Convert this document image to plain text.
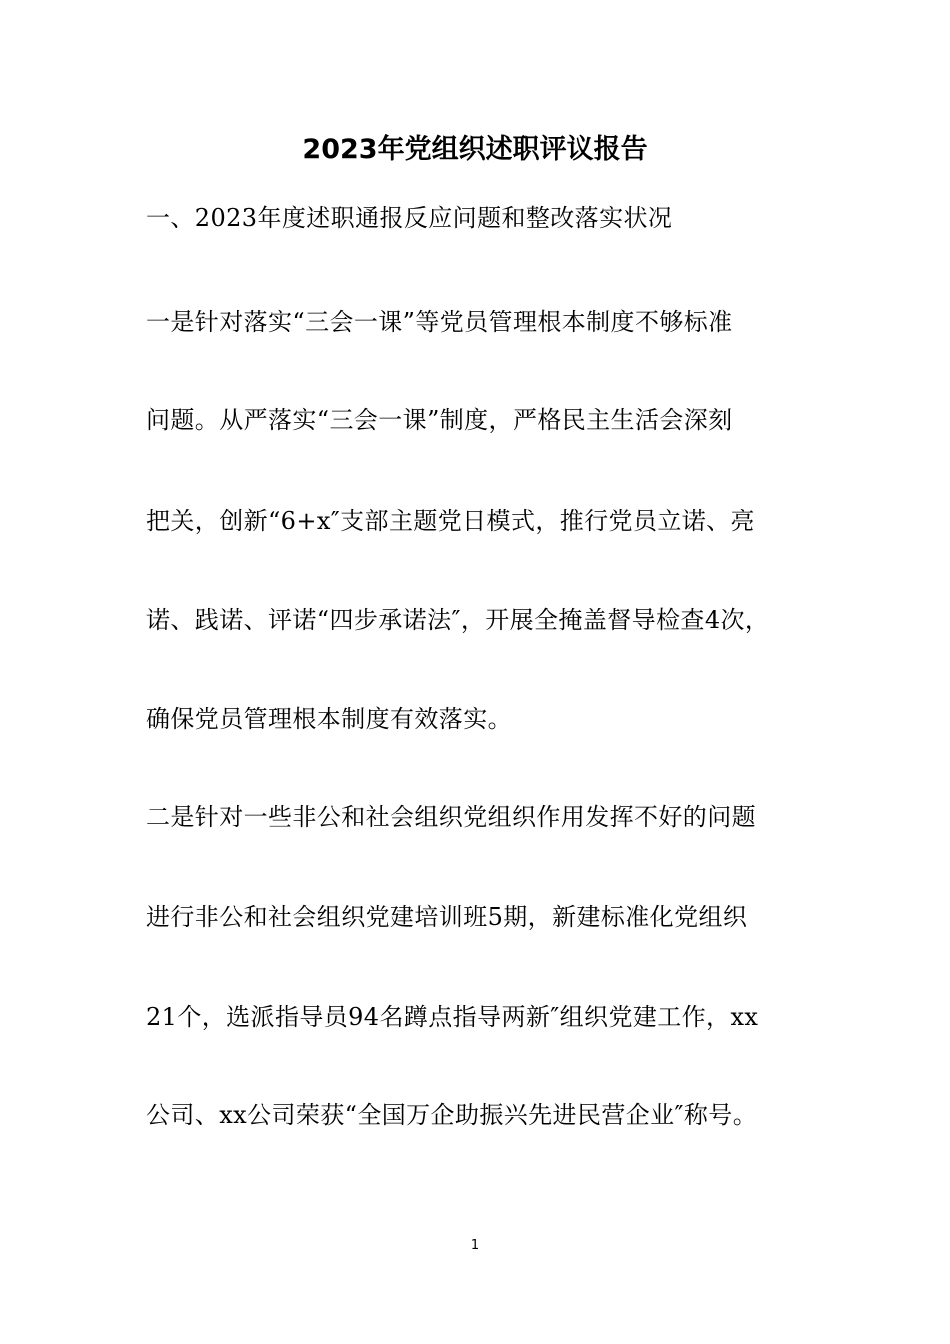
2023年党组织述职评议报告
一、2023年度述职通报反应问题和整改落实状况
一是针对落实“三会一课”等党员管理根本制度不够标准
问题。从严落实“三会一课”制度，严格民主生活会深刻
把关，创新“6+x″支部主题党日模式，推行党员立诺、亮
诺、践诺、评诺“四步承诺法″，开展全掩盖督导检查4次，
确保党员管理根本制度有效落实。
二是针对一些非公和社会组织党组织作用发挥不好的问题
进行非公和社会组织党建培训班5期，新建标准化党组织
21个，选派指导员94名蹲点指导两新″组织党建工作，xx
公司、xx公司荣获“全国万企助振兴先进民营企业″称号。
1
